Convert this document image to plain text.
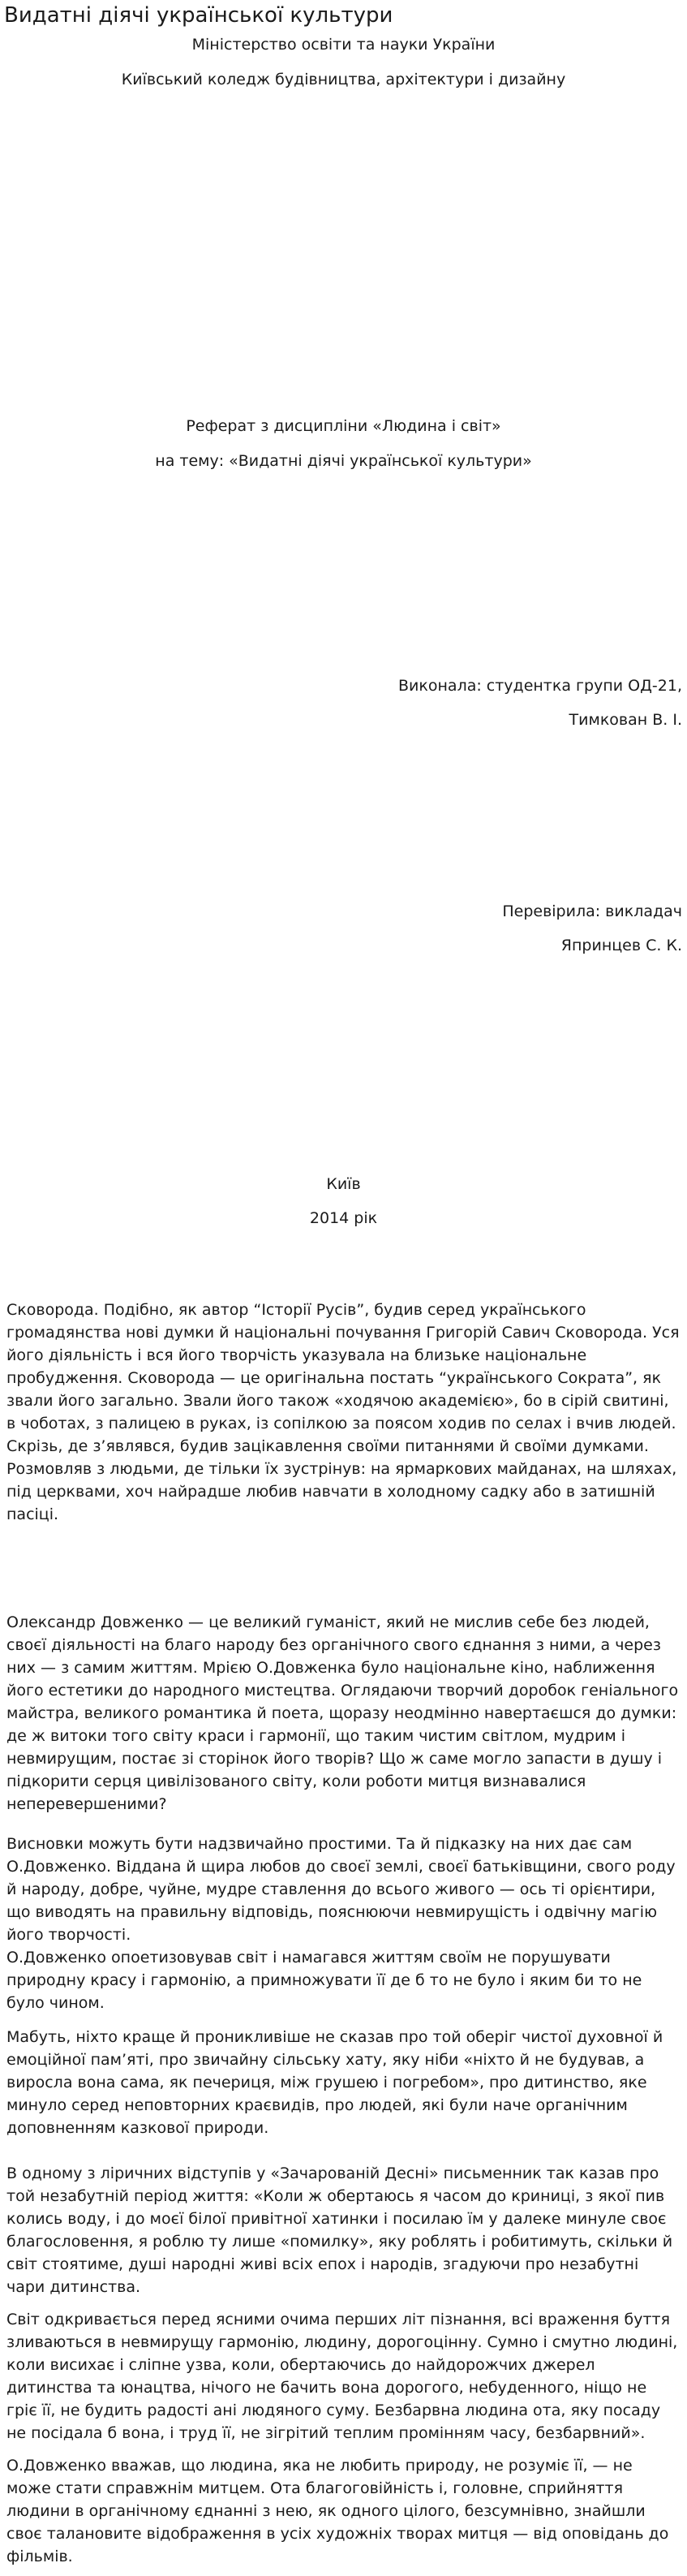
Видатні діячі української культури

Міністерство освіти та науки України

Київський коледж будівництва, архітектури і дизайну

Реферат з дисципліни «Людина і світ»

на тему: «Видатні діячі української культури»

Виконала: студентка групи ОД-21,

Тимкован В. І.

Перевірила: викладач

Япринцев С. К.

Київ

2014 рік

Сковорода. Подібно, як автор “Історії Русів”, будив серед українського громадянства нові думки й національні почування Григорій Савич Сковорода. Уся його діяльність і вся його творчість указувала на близьке національне пробудження. Сковорода — це оригінальна постать “українського Сократа”, як звали його загально. Звали його також «ходячою академією», бо в сірій свитині, в чоботах, з палицею в руках, із сопілкою за поясом ходив по селах і вчив людей. Скрізь, де з’являвся, будив зацікавлення своїми питаннями й своїми думками. Розмовляв з людьми, де тільки їх зустрінув: на ярмаркових майданах, на шляхах, під церквами, хоч найрадше любив навчати в холодному садку або в затишній пасіці.

Олександр Довженко — це великий гуманіст, який не мислив себе без людей, своєї діяльності на благо народу без органічного свого єднання з ними, а через них — з самим життям. Мрією О.Довженка було національне кіно, наближення його естетики до народного мистецтва. Оглядаючи творчий доробок геніального майстра, великого романтика й поета, щоразу неодмінно навертаєшся до думки: де ж витоки того світу краси і гармонії, що таким чистим світлом, мудрим і невмирущим, постає зі сторінок його творів? Що ж саме могло запасти в душу і підкорити серця цивілізованого світу, коли роботи митця визнавалися неперевершеними?

Висновки можуть бути надзвичайно простими. Та й підказку на них дає сам О.Довженко. Віддана й щира любов до своєї землі, своєї батьківщини, свого роду й народу, добре, чуйне, мудре ставлення до всього живого — ось ті орієнтири, що виводять на правильну відповідь, пояснюючи невмирущість і одвічну магію його творчості.

О.Довженко опоетизовував світ і намагався життям своїм не порушувати природну красу і гармонію, а примножувати її де б то не було і яким би то не було чином.

Мабуть, ніхто краще й проникливіше не сказав про той оберіг чистої духовної й емоційної пам’яті, про звичайну сільську хату, яку ніби «ніхто й не будував, а виросла вона сама, як печериця, між грушею і погребом», про дитинство, яке минуло серед неповторних краєвидів, про людей, які були наче органічним доповненням казкової природи.

В одному з ліричних відступів у «Зачарованій Десні» письменник так казав про той незабутній період життя: «Коли ж обертаюсь я часом до криниці, з якої пив колись воду, і до моєї білої привітної хатинки і посилаю їм у далеке минуле своє благословення, я роблю ту лише «помилку», яку роблять і робитимуть, скільки й світ стоятиме, душі народні живі всіх епох і народів, згадуючи про незабутні чари дитинства.

Світ одкривається перед ясними очима перших літ пізнання, всі враження буття зливаються в невмирущу гармонію, людину, дорогоцінну. Сумно і смутно людині, коли висихає і сліпне узва, коли, обертаючись до найдорожчих джерел дитинства та юнацтва, нічого не бачить вона дорогого, небуденного, ніщо не гріє її, не будить радості ані людяного суму. Безбарвна людина ота, яку посаду не посідала б вона, і труд її, не зігрітий теплим промінням часу, безбарвний».

О.Довженко вважав, що людина, яка не любить природу, не розуміє її, — не може стати справжнім митцем. Ота благоговійність і, головне, сприйняття людини в органічному єднанні з нею, як одного цілого, безсумнівно, знайшли своє талановите відображення в усіх художніх творах митця — від оповідань до фільмів.
